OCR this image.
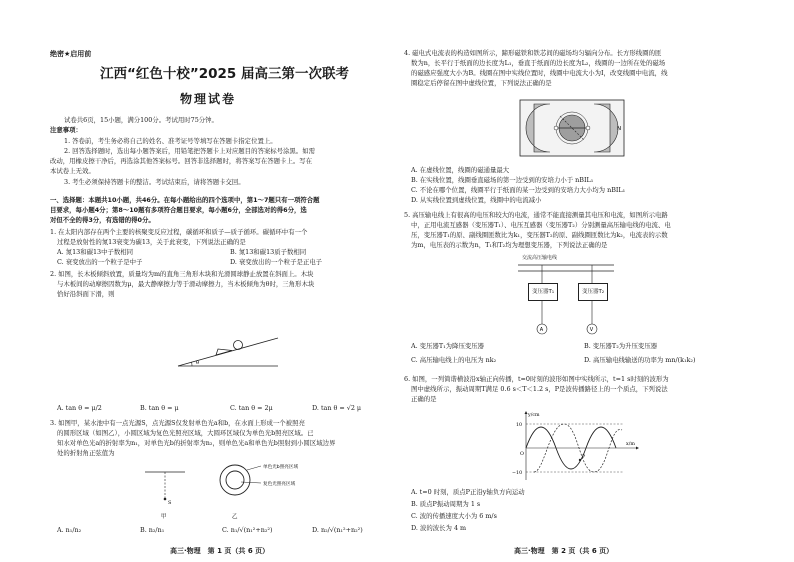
绝密★启用前
江西“红色十校”2025 届高三第一次联考
物理试卷
试卷共6页，15小题，满分100分。考试用时75分钟。
注意事项：
1. 答卷前，考生务必将自己的姓名、准考证号等填写在答题卡指定位置上。
2. 回答选择题时，选出每小题答案后，用铅笔把答题卡上对应题目的答案标号涂黑。如需
改动，用橡皮擦干净后，再选涂其他答案标号。回答非选择题时，将答案写在答题卡上。写在
本试卷上无效。
3. 考生必须保持答题卡的整洁。考试结束后，请将答题卡交回。
一、选择题：本题共10小题，共46分。在每小题给出的四个选项中，第1～7题只有一项符合题
目要求，每小题4分；第8～10题有多项符合题目要求，每小题6分，全部选对的得6分，选
对但不全的得3分，有选错的得0分。
1. 在太阳内部存在两个主要的核聚变反应过程，碳循环和质子—质子循环。碳循环中有一个
过程是放射性的氮13衰变为碳13，关于此衰变，下列说法正确的是
A. 氮13和碳13中子数相同	B. 氮13和碳13质子数相同
C. 衰变放出的一个粒子是中子	D. 衰变放出的一个粒子是正电子
2. 如图，长木板倾斜放置，质量均为m的直角三角形木块和光滑圆球静止放置在斜面上。木块
与木板间的动摩擦因数为μ，最大静摩擦力等于滑动摩擦力，当木板倾角为θ时，三角形木块
恰好沿斜面下滑，则
θ
A. tan θ = μ/2	B. tan θ = μ	C. tan θ = 2μ	D. tan θ = √2 μ
3. 如图甲，某水池中有一点光源S，点光源S仅发射单色光a和b，在水面上形成一个被照亮
的圆形区域（如图乙），小圆区域为复色光照亮区域，大圆环区域仅为单色光b照亮区域。已
知水对单色光a的折射率为n₁，对单色光b的折射率为n₂，则单色光a和单色光b照射到小圆区域边界
处的折射角正弦值为
S
甲
单色光b照亮区域
复色光照亮区域
乙
A. n₁/n₂	B. n₂/n₁	C. n₁/√(n₁²+n₂²)	D. n₂/√(n₁²+n₂²)
高三·物理　第 1 页（共 6 页）
4. 磁电式电流表的构造如图所示，蹄形磁铁和铁芯间的磁场均匀辐向分布。长方形线圈的匝
数为n，长平行于纸面的边长度为L₁，垂直于纸面的边长度为L₂，线圈的一边所在处的磁场
的磁感应强度大小为B。线圈在图中实线位置时，线圈中电流大小为I，改变线圈中电流，线
圈稳定后停留在图中虚线位置，下列说法正确的是
N
A. 在虚线位置，线圈的磁通量最大
B. 在实线位置，线圈垂直磁场的第一边受到的安培力小于 nBIL₁
C. 不论在哪个位置，线圈平行于纸面的某一边受到的安培力大小均为 nBIL₁
D. 从实线位置到虚线位置，线圈中的电流减小
5. 高压输电线上有很高的电压和较大的电流，通常不能直接测量其电压和电流，如图所示电路
中，正用电流互感器（变压器T₁）、电压互感器（变压器T₂）分别测量高压输电线的电流、电
压，变压器T₁的原、副线圈匝数比为k₁，变压器T₂的原、副线圈匝数比为k₂，电流表的示数
为m，电压表的示数为n，T₁和T₂均为理想变压器，下列说法正确的是
交流高压输电线
A	V
变压器T₁	变压器T₂
A. 变压器T₁为降压变压器	B. 变压器T₂为升压变压器
C. 高压输电线上的电压为 nk₂	D. 高压输电线输送的功率为 mn/(k₁k₂)
6. 如图，一列简谐横波沿x轴正向传播，t=0时刻的波形如图中实线所示，t=1 s时刻的波形为
图中虚线所示，振动周期T满足 0.6 s＜T＜1.2 s，P是波传播路径上的一个质点，下列说法
正确的是
y/cm
x/m
10
−10
O
P
A. t=0 时刻，质点P正沿y轴负方向运动
B. 质点P振动周期为 1 s
C. 波的传播速度大小为 6 m/s
D. 波的波长为 4 m
高三·物理　第 2 页（共 6 页）
